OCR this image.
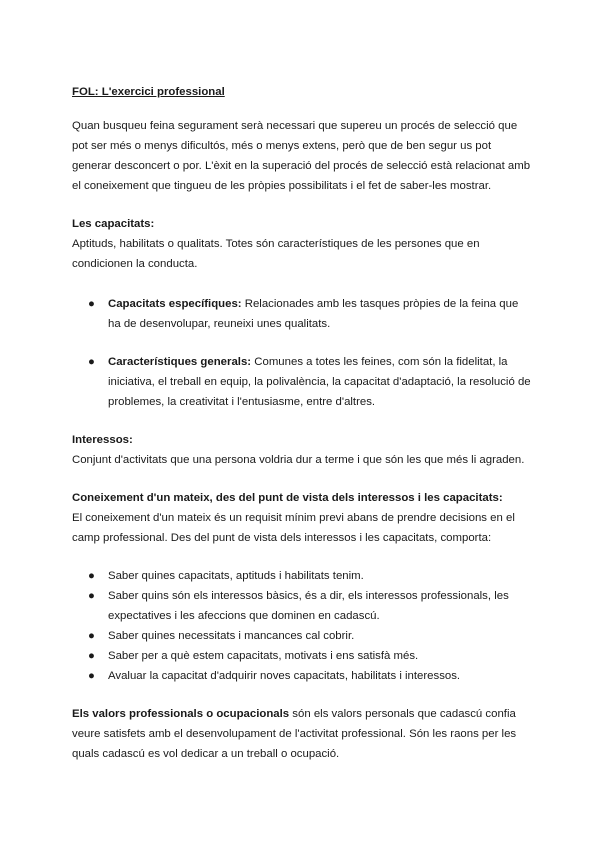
FOL: L'exercici professional

Quan busqueu feina segurament serà necessari que supereu un procés de selecció que pot ser més o menys dificultós, més o menys extens, però que de ben segur us pot generar desconcert o por. L'èxit en la superació del procés de selecció està relacionat amb el coneixement que tingueu de les pròpies possibilitats i el fet de saber-les mostrar.

Les capacitats:

Aptituds, habilitats o qualitats. Totes són característiques de les persones que en condicionen la conducta.

● Capacitats específiques: Relacionades amb les tasques pròpies de la feina que ha de desenvolupar, reuneixi unes qualitats.
● Característiques generals: Comunes a totes les feines, com són la fidelitat, la iniciativa, el treball en equip, la polivalència, la capacitat d'adaptació, la resolució de problemes, la creativitat i l'entusiasme, entre d'altres.

Interessos:

Conjunt d'activitats que una persona voldria dur a terme i que són les que més li agraden.

Coneixement d'un mateix, des del punt de vista dels interessos i les capacitats:

El coneixement d'un mateix és un requisit mínim previ abans de prendre decisions en el camp professional. Des del punt de vista dels interessos i les capacitats, comporta:

● Saber quines capacitats, aptituds i habilitats tenim.
● Saber quins són els interessos bàsics, és a dir, els interessos professionals, les expectatives i les afeccions que dominen en cadascú.
● Saber quines necessitats i mancances cal cobrir.
● Saber per a què estem capacitats, motivats i ens satisfà més.
● Avaluar la capacitat d'adquirir noves capacitats, habilitats i interessos.

Els valors professionals o ocupacionals són els valors personals que cadascú confia veure satisfets amb el desenvolupament de l'activitat professional. Són les raons per les quals cadascú es vol dedicar a un treball o ocupació.
